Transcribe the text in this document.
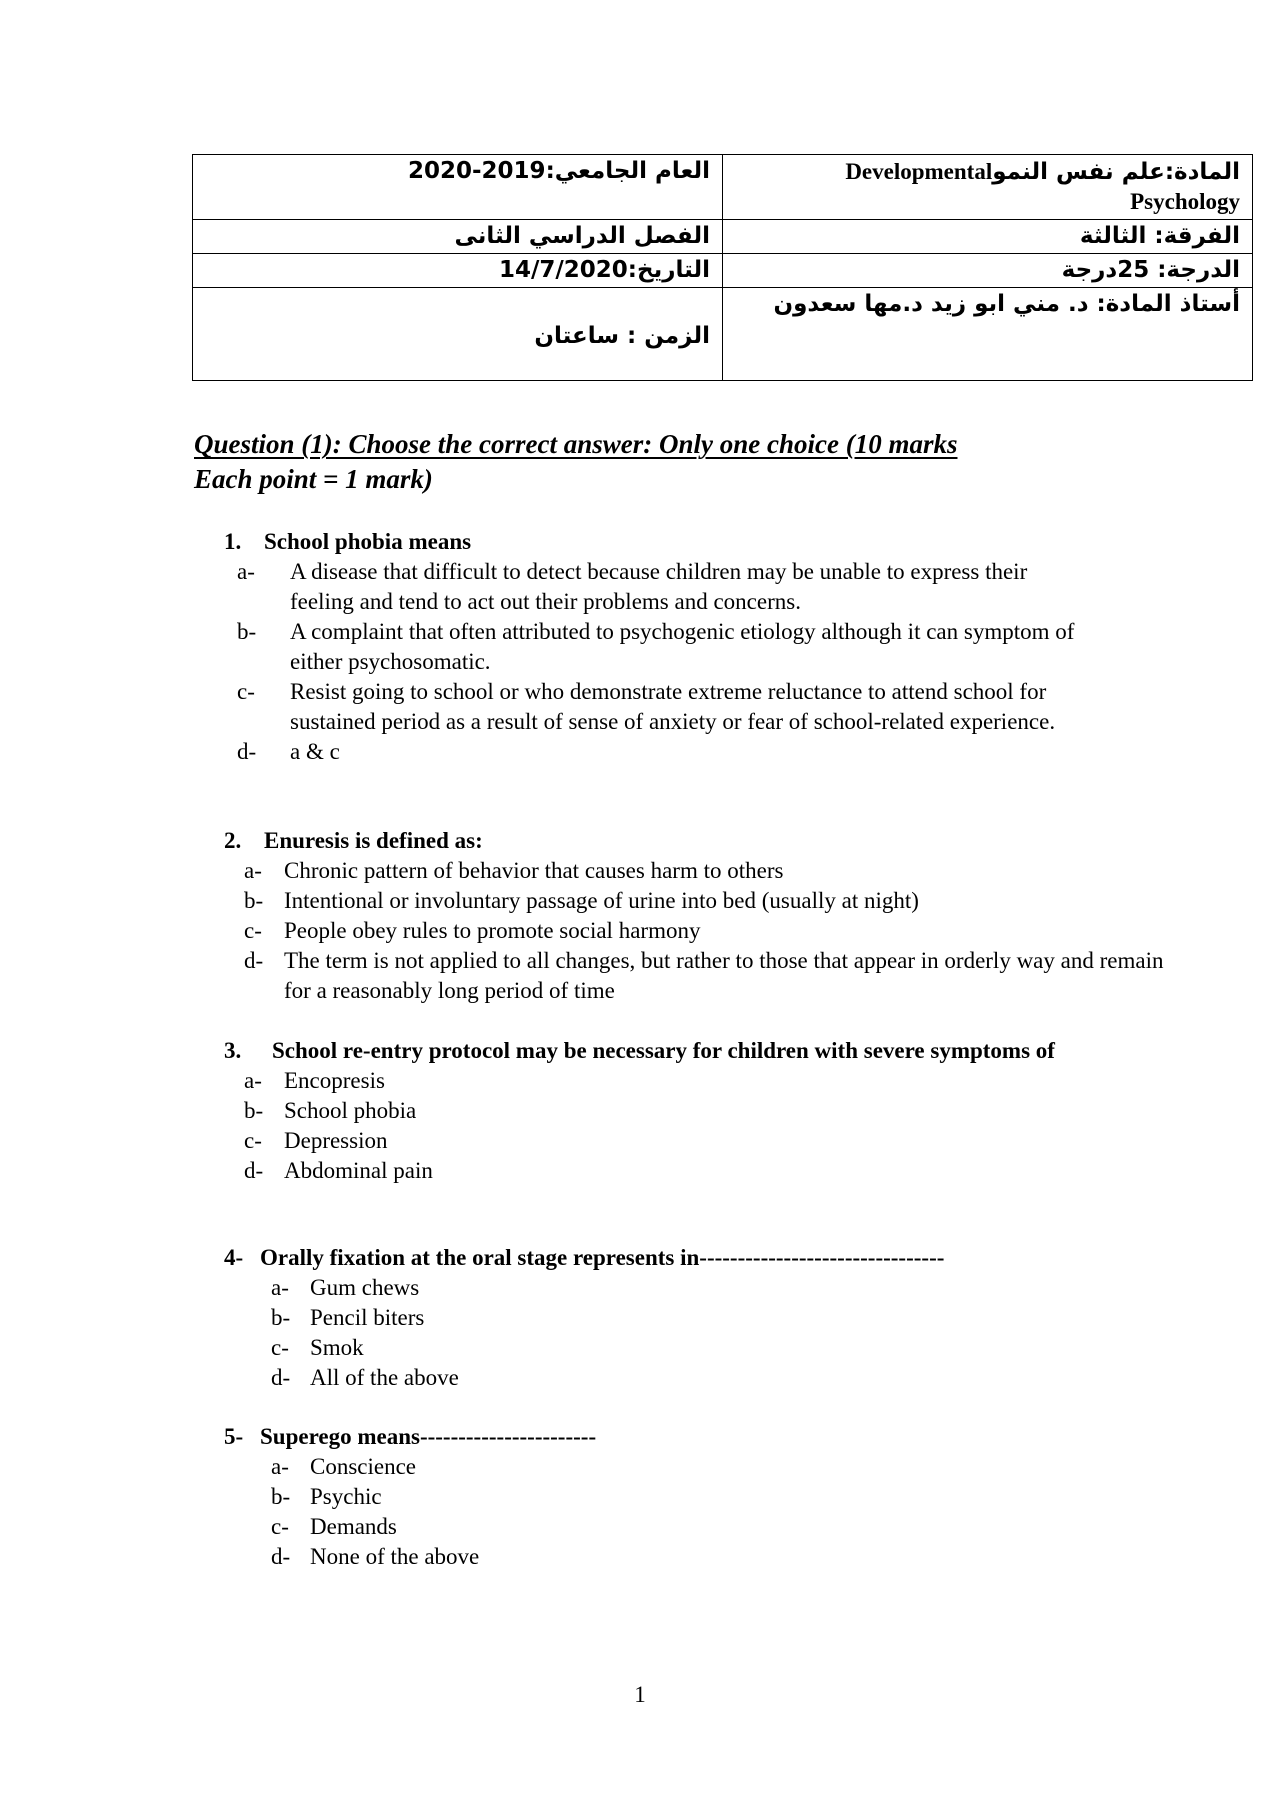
العام الجامعي:2019-2020	المادة:علم نفس النموDevelopmental
Psychology
الفصل الدراسي الثانى	الفرقة: الثالثة
التاريخ:14/7/2020	الدرجة: 25درجة
الزمن : ساعتان	أستاذ المادة: د. مني ابو زيد د.مها سعدون
Question (1): Choose the correct answer: Only one choice (10 marks
Each point = 1 mark)
1. School phobia means
a- A disease that difficult to detect because children may be unable to express their feeling and tend to act out their problems and concerns.
b- A complaint that often attributed to psychogenic etiology although it can symptom of either psychosomatic.
c- Resist going to school or who demonstrate extreme reluctance to attend school for sustained period as a result of sense of anxiety or fear of school-related experience.
d- a & c
2. Enuresis is defined as:
a- Chronic pattern of behavior that causes harm to others
b- Intentional or involuntary passage of urine into bed (usually at night)
c- People obey rules to promote social harmony
d- The term is not applied to all changes, but rather to those that appear in orderly way and remain for a reasonably long period of time
3. School re-entry protocol may be necessary for children with severe symptoms of
a- Encopresis
b- School phobia
c- Depression
d- Abdominal pain
4- Orally fixation at the oral stage represents in--------------------------------
a- Gum chews
b- Pencil biters
c- Smok
d- All of the above
5- Superego means-----------------------
a- Conscience
b- Psychic
c- Demands
d- None of the above
1
